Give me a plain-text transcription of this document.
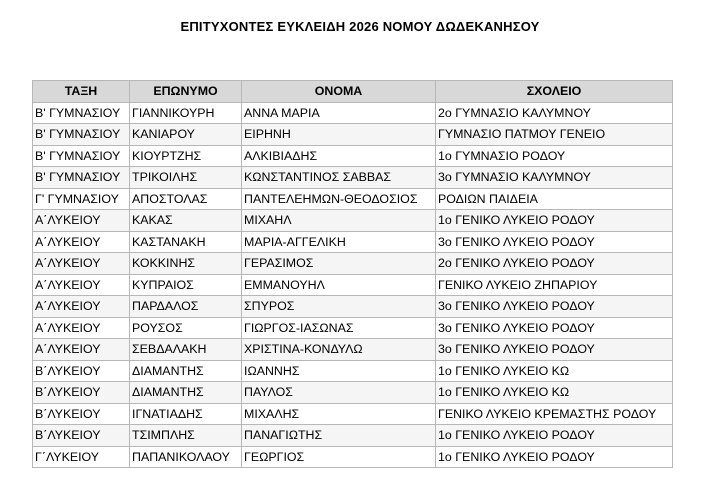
ΕΠΙΤΥΧΟΝΤΕΣ ΕΥΚΛΕΙΔΗ 2026 ΝΟΜΟΥ ΔΩΔΕΚΑΝΗΣΟΥ
ΤΑΞΗ	ΕΠΩΝΥΜΟ	ΟΝΟΜΑ	ΣΧΟΛΕΙΟ
Β' ΓΥΜΝΑΣΙΟΥ	ΓΙΑΝΝΙΚΟΥΡΗ	ΑΝΝΑ ΜΑΡΙΑ	2ο ΓΥΜΝΑΣΙΟ ΚΑΛΥΜΝΟΥ
Β' ΓΥΜΝΑΣΙΟΥ	ΚΑΝΙΑΡΟΥ	ΕΙΡΗΝΗ	ΓΥΜΝΑΣΙΟ ΠΑΤΜΟΥ ΓΕΝΕΙΟ
Β' ΓΥΜΝΑΣΙΟΥ	ΚΙΟΥΡΤΖΗΣ	ΑΛΚΙΒΙΑΔΗΣ	1ο ΓΥΜΝΑΣΙΟ ΡΟΔΟΥ
Β' ΓΥΜΝΑΣΙΟΥ	ΤΡΙΚΟΙΛΗΣ	ΚΩΝΣΤΑΝΤΙΝΟΣ ΣΑΒΒΑΣ	3ο ΓΥΜΝΑΣΙΟ ΚΑΛΥΜΝΟΥ
Γ' ΓΥΜΝΑΣΙΟΥ	ΑΠΟΣΤΟΛΑΣ	ΠΑΝΤΕΛΕΗΜΩΝ-ΘΕΟΔΟΣΙΟΣ	ΡΟΔΙΩΝ ΠΑΙΔΕΙΑ
Α΄ΛΥΚΕΙΟΥ	ΚΑΚΑΣ	ΜΙΧΑΗΛ	1ο ΓΕΝΙΚΟ ΛΥΚΕΙΟ ΡΟΔΟΥ
Α΄ΛΥΚΕΙΟΥ	ΚΑΣΤΑΝΑΚΗ	ΜΑΡΙΑ-ΑΓΓΕΛΙΚΗ	3ο ΓΕΝΙΚΟ ΛΥΚΕΙΟ ΡΟΔΟΥ
Α΄ΛΥΚΕΙΟΥ	ΚΟΚΚΙΝΗΣ	ΓΕΡΑΣΙΜΟΣ	2ο ΓΕΝΙΚΟ ΛΥΚΕΙΟ ΡΟΔΟΥ
Α΄ΛΥΚΕΙΟΥ	ΚΥΠΡΑΙΟΣ	ΕΜΜΑΝΟΥΗΛ	ΓΕΝΙΚΟ ΛΥΚΕΙΟ ΖΗΠΑΡΙΟΥ
Α΄ΛΥΚΕΙΟΥ	ΠΑΡΔΑΛΟΣ	ΣΠΥΡΟΣ	3ο ΓΕΝΙΚΟ ΛΥΚΕΙΟ ΡΟΔΟΥ
Α΄ΛΥΚΕΙΟΥ	ΡΟΥΣΟΣ	ΓΙΩΡΓΟΣ-ΙΑΣΩΝΑΣ	3ο ΓΕΝΙΚΟ ΛΥΚΕΙΟ ΡΟΔΟΥ
Α΄ΛΥΚΕΙΟΥ	ΣΕΒΔΑΛΑΚΗ	ΧΡΙΣΤΙΝΑ-ΚΟΝΔΥΛΩ	3ο ΓΕΝΙΚΟ ΛΥΚΕΙΟ ΡΟΔΟΥ
Β΄ΛΥΚΕΙΟΥ	ΔΙΑΜΑΝΤΗΣ	ΙΩΑΝΝΗΣ	1ο ΓΕΝΙΚΟ ΛΥΚΕΙΟ ΚΩ
Β΄ΛΥΚΕΙΟΥ	ΔΙΑΜΑΝΤΗΣ	ΠΑΥΛΟΣ	1ο ΓΕΝΙΚΟ ΛΥΚΕΙΟ ΚΩ
Β΄ΛΥΚΕΙΟΥ	ΙΓΝΑΤΙΑΔΗΣ	ΜΙΧΑΛΗΣ	ΓΕΝΙΚΟ ΛΥΚΕΙΟ ΚΡΕΜΑΣΤΗΣ ΡΟΔΟΥ
Β΄ΛΥΚΕΙΟΥ	ΤΣΙΜΠΛΗΣ	ΠΑΝΑΓΙΩΤΗΣ	1ο ΓΕΝΙΚΟ ΛΥΚΕΙΟ ΡΟΔΟΥ
Γ΄ΛΥΚΕΙΟΥ	ΠΑΠΑΝΙΚΟΛΑΟΥ	ΓΕΩΡΓΙΟΣ	1ο ΓΕΝΙΚΟ ΛΥΚΕΙΟ ΡΟΔΟΥ
